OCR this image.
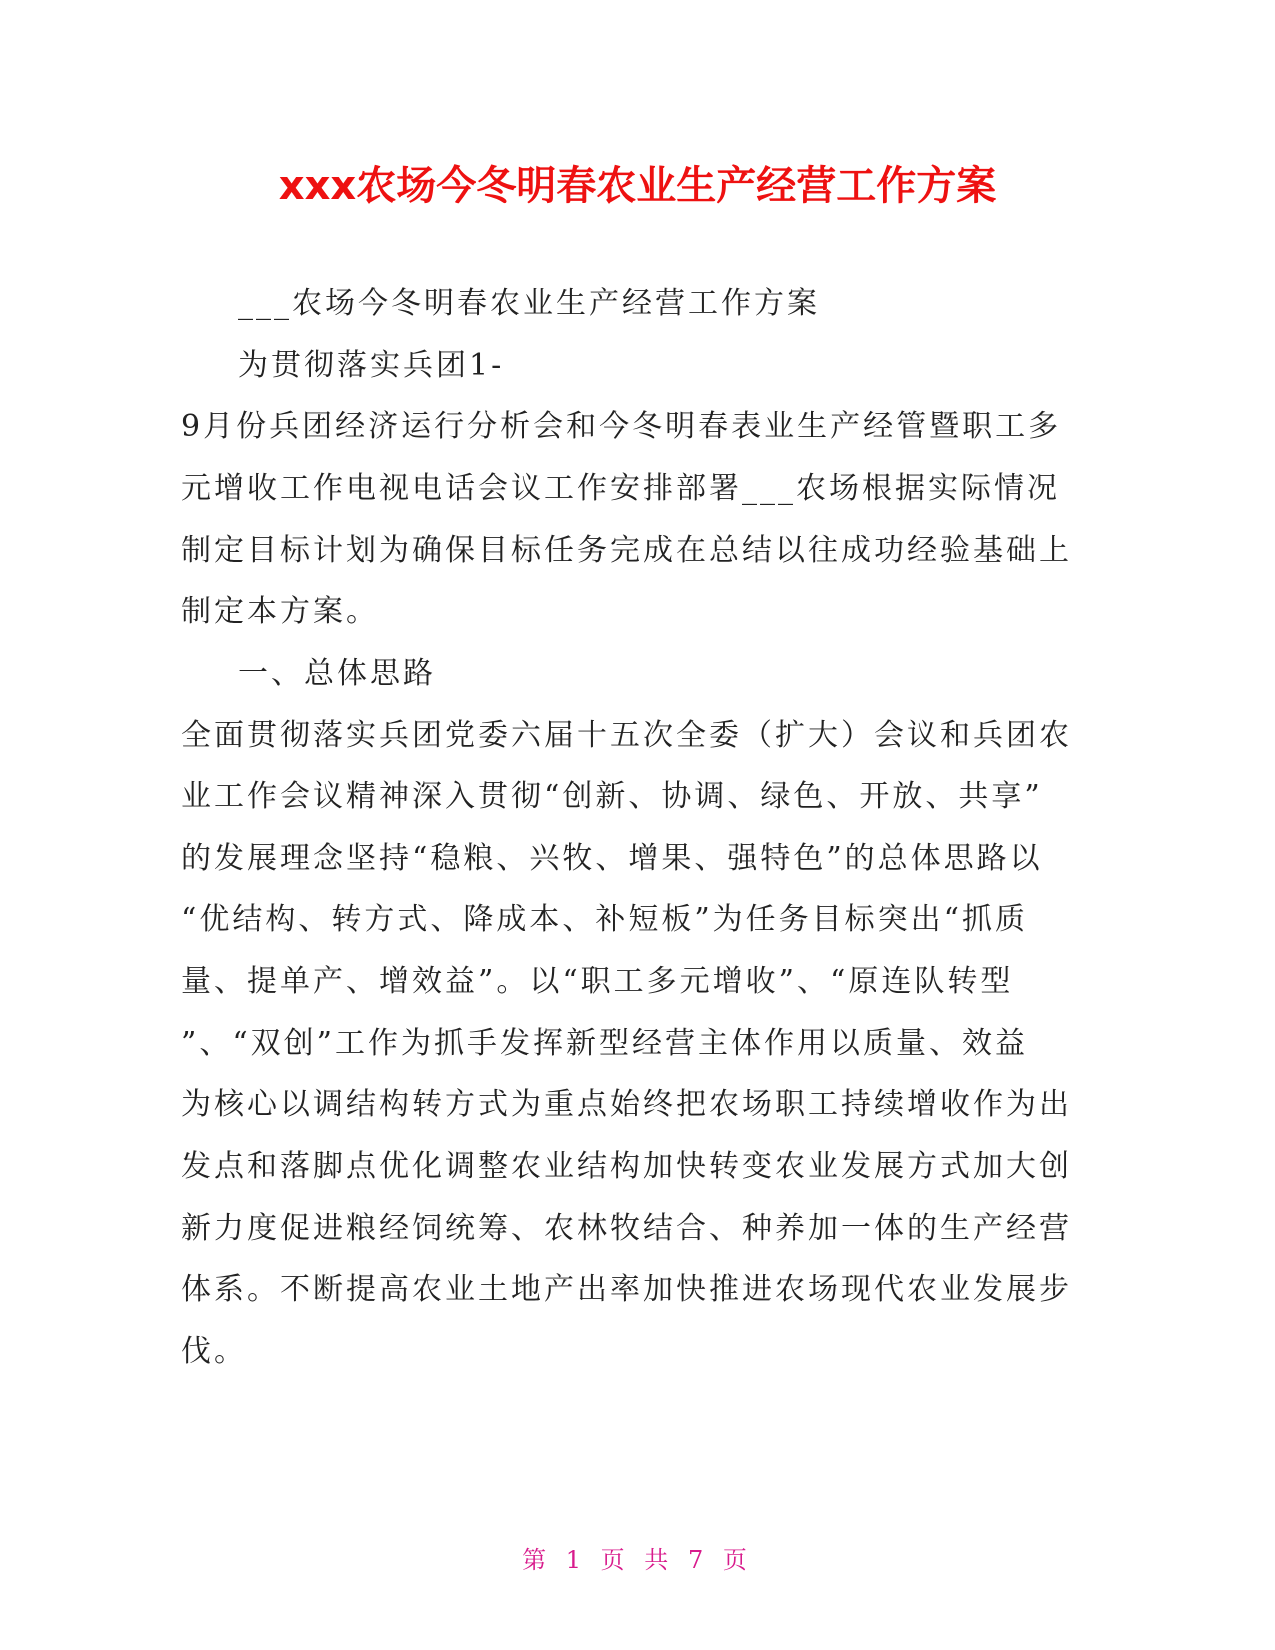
xxx农场今冬明春农业生产经营工作方案
___农场今冬明春农业生产经营工作方案
为贯彻落实兵团1-
9月份兵团经济运行分析会和今冬明春表业生产经管暨职工多
元增收工作电视电话会议工作安排部署___农场根据实际情况
制定目标计划为确保目标任务完成在总结以往成功经验基础上
制定本方案。
一、总体思路
全面贯彻落实兵团党委六届十五次全委（扩大）会议和兵团农
业工作会议精神深入贯彻“创新、协调、绿色、开放、共享”
的发展理念坚持“稳粮、兴牧、增果、强特色”的总体思路以
“优结构、转方式、降成本、补短板”为任务目标突出“抓质
量、提单产、增效益”。以“职工多元增收”、“原连队转型
”、“双创”工作为抓手发挥新型经营主体作用以质量、效益
为核心以调结构转方式为重点始终把农场职工持续增收作为出
发点和落脚点优化调整农业结构加快转变农业发展方式加大创
新力度促进粮经饲统筹、农林牧结合、种养加一体的生产经营
体系。不断提高农业土地产出率加快推进农场现代农业发展步
伐。
第 1 页 共 7 页
